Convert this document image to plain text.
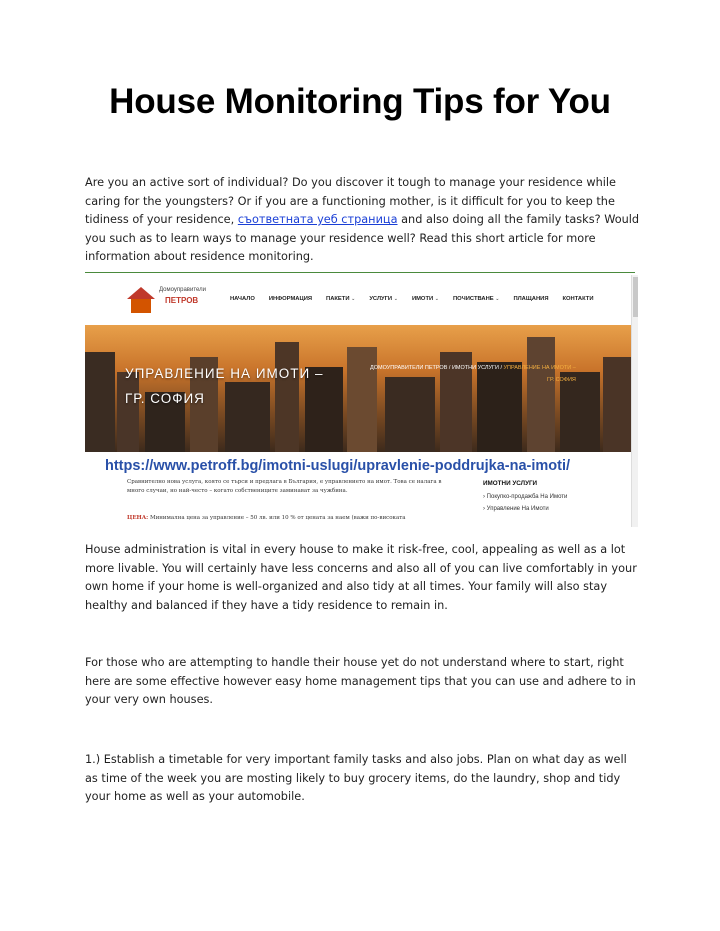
House Monitoring Tips for You
Are you an active sort of individual? Do you discover it tough to manage your residence while caring for the youngsters? Or if you are a functioning mother, is it difficult for you to keep the tidiness of your residence, съответната уеб страница and also doing all the family tasks? Would you such as to learn ways to manage your residence well? Read this short article for more information about residence monitoring.
Домоуправители
ПЕТРОВ	НАЧАЛО ИНФОРМАЦИЯ ПАКЕТИ ⌄ УСЛУГИ ⌄ ИМОТИ ⌄ ПОЧИСТВАНЕ ⌄ ПЛАЩАНИЯ КОНТАКТИ
УПРАВЛЕНИЕ НА ИМОТИ –
ГР. СОФИЯ
ДОМОУПРАВИТЕЛИ ПЕТРОВ / ИМОТНИ УСЛУГИ / УПРАВЛЕНИЕ НА ИМОТИ –
ГР. СОФИЯ
https://www.petroff.bg/imotni-uslugi/upravlenie-poddrujka-na-imoti/
Сравнително нова услуга, която се търси и предлага в България, е управлението на имот. Това се налага в много случаи, но най-често – когато собствениците заминават за чужбина.
ЦЕНА: Минимална цена за управление – 50 лв. или 10 % от цената за наем (важи по-високата
ИМОТНИ УСЛУГИ
› Покупко-продажба На Имоти
› Управление На Имоти
House administration is vital in every house to make it risk-free, cool, appealing as well as a lot more livable. You will certainly have less concerns and also all of you can live comfortably in your own home if your home is well-organized and also tidy at all times. Your family will also stay healthy and balanced if they have a tidy residence to remain in.
For those who are attempting to handle their house yet do not understand where to start, right here are some effective however easy home management tips that you can use and adhere to in your very own houses.
1.) Establish a timetable for very important family tasks and also jobs. Plan on what day as well as time of the week you are mosting likely to buy grocery items, do the laundry, shop and tidy your home as well as your automobile.
